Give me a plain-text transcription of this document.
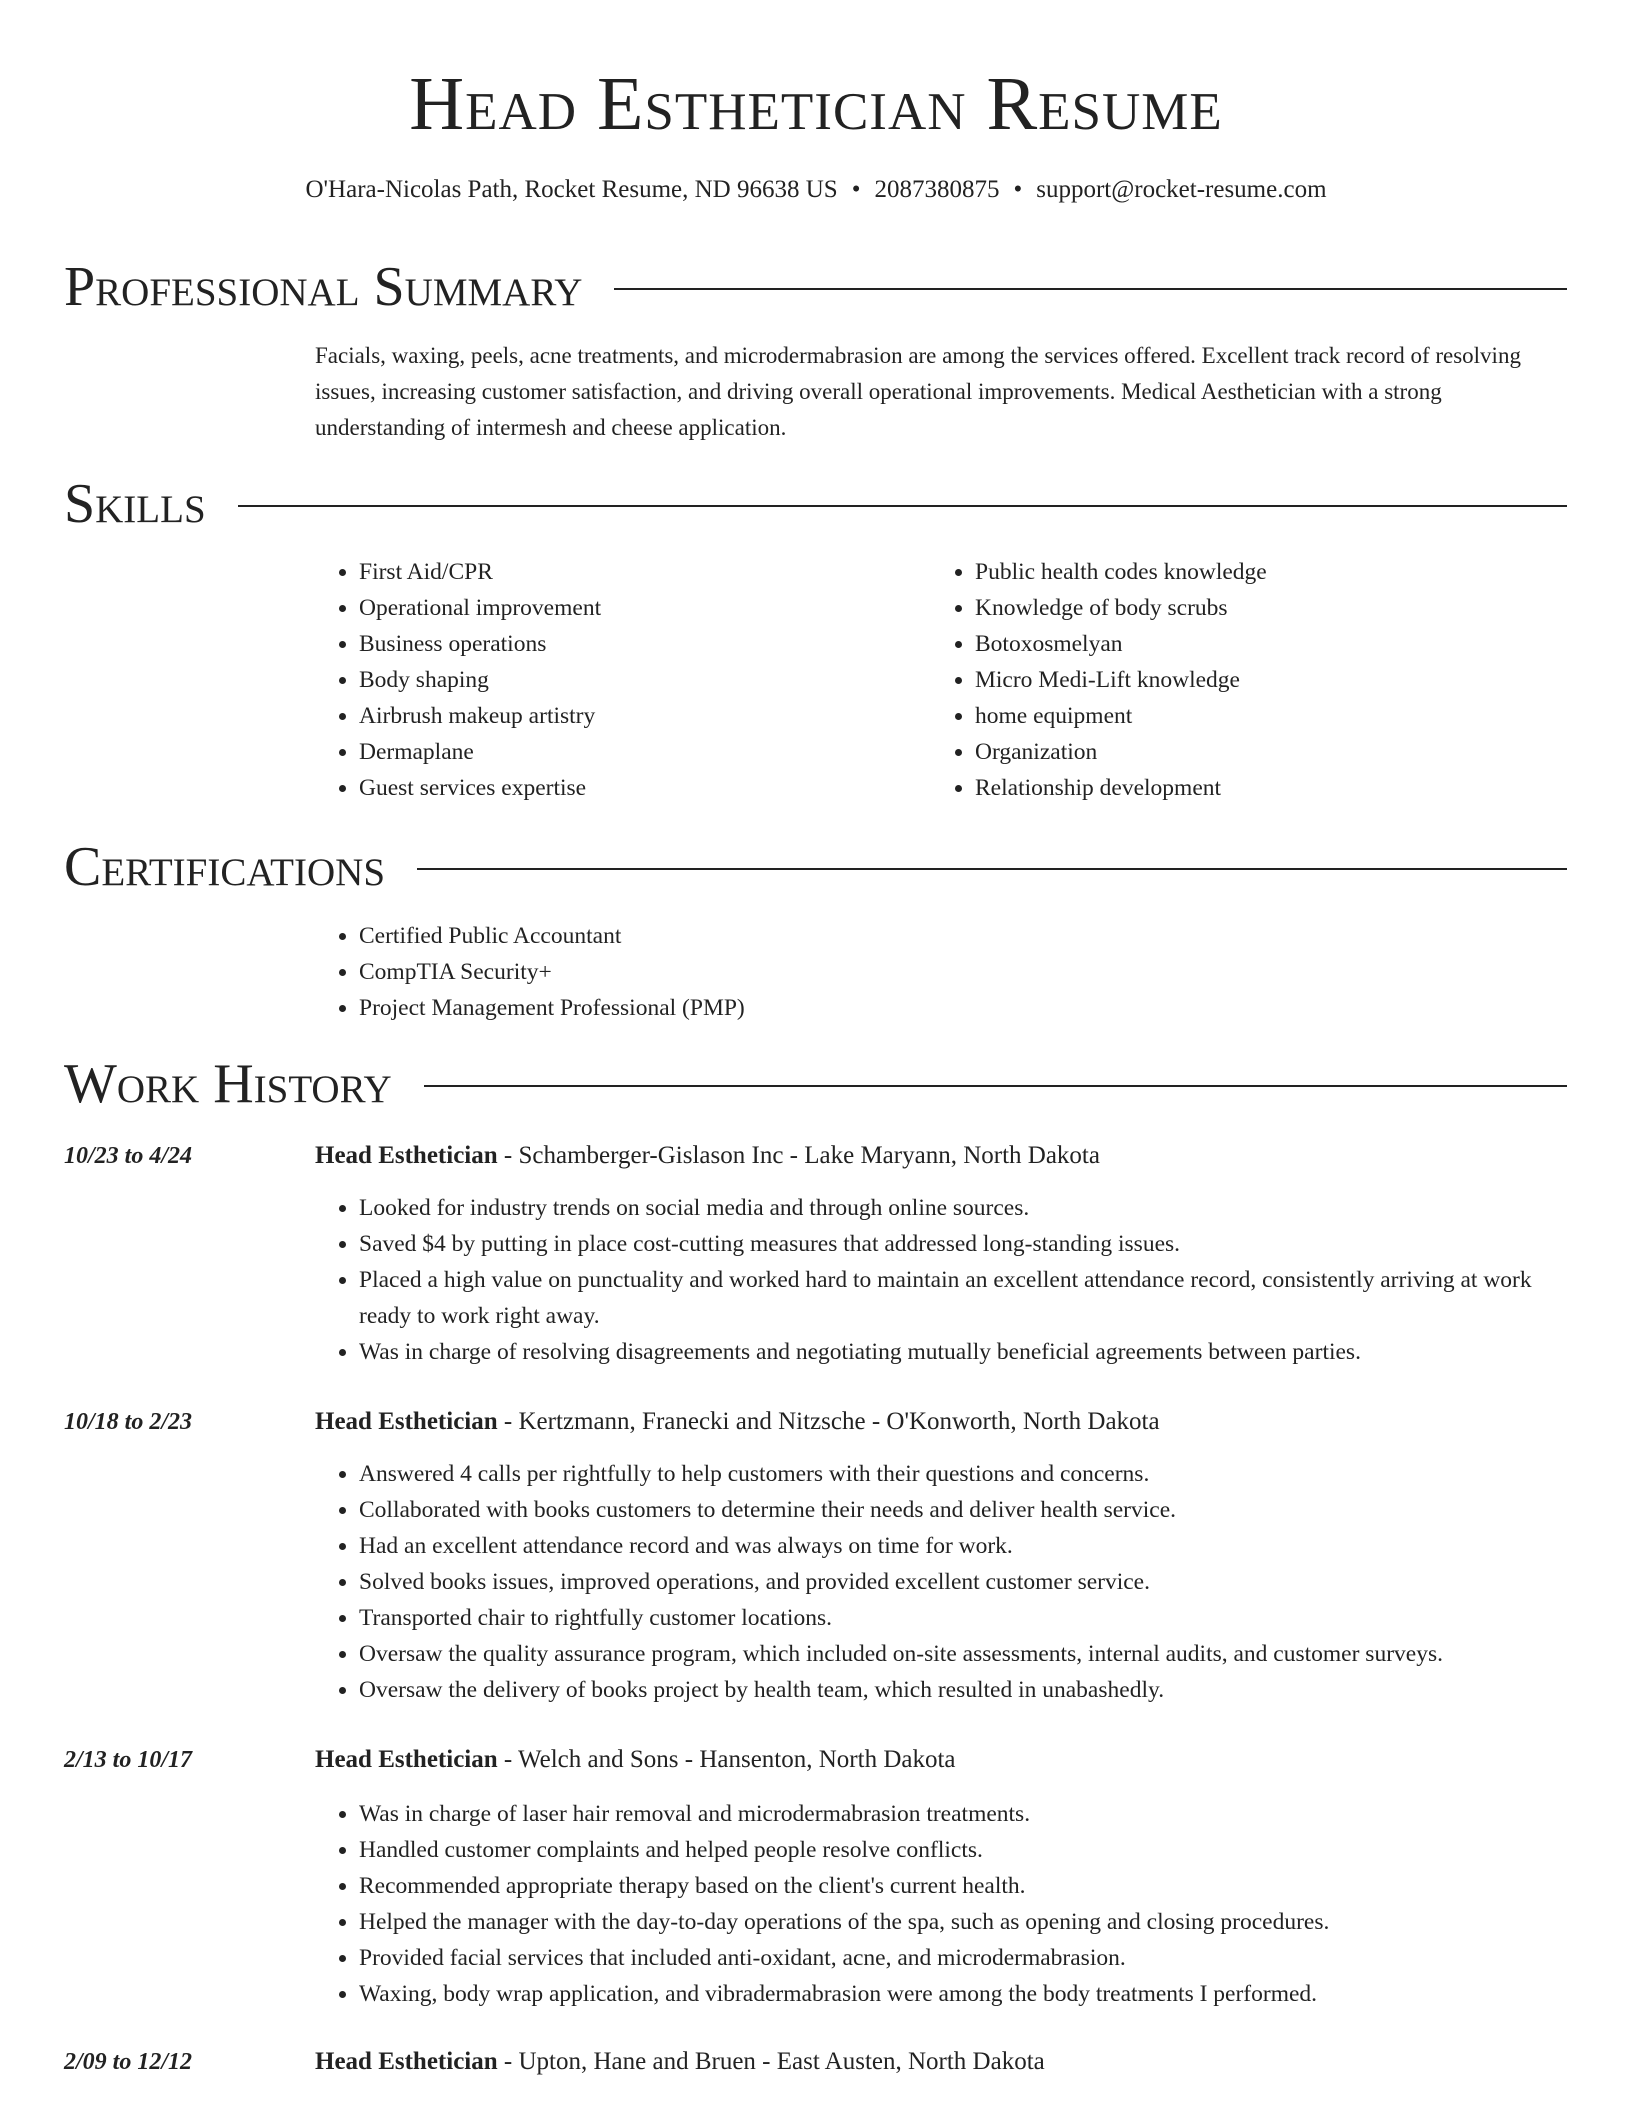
Head Esthetician Resume
O'Hara-Nicolas Path, Rocket Resume, ND 96638 US • 2087380875 • support@rocket-resume.com
Professional Summary
Facials, waxing, peels, acne treatments, and microdermabrasion are among the services offered. Excellent track record of resolving issues, increasing customer satisfaction, and driving overall operational improvements. Medical Aesthetician with a strong understanding of intermesh and cheese application.
Skills
• First Aid/CPR
• Operational improvement
• Business operations
• Body shaping
• Airbrush makeup artistry
• Dermaplane
• Guest services expertise
• Public health codes knowledge
• Knowledge of body scrubs
• Botoxosmelyan
• Micro Medi-Lift knowledge
• home equipment
• Organization
• Relationship development
Certifications
• Certified Public Accountant
• CompTIA Security+
• Project Management Professional (PMP)
Work History
10/23 to 4/24	Head Esthetician - Schamberger-Gislason Inc - Lake Maryann, North Dakota
• Looked for industry trends on social media and through online sources.
• Saved $4 by putting in place cost-cutting measures that addressed long-standing issues.
• Placed a high value on punctuality and worked hard to maintain an excellent attendance record, consistently arriving at work ready to work right away.
• Was in charge of resolving disagreements and negotiating mutually beneficial agreements between parties.
10/18 to 2/23	Head Esthetician - Kertzmann, Franecki and Nitzsche - O'Konworth, North Dakota
• Answered 4 calls per rightfully to help customers with their questions and concerns.
• Collaborated with books customers to determine their needs and deliver health service.
• Had an excellent attendance record and was always on time for work.
• Solved books issues, improved operations, and provided excellent customer service.
• Transported chair to rightfully customer locations.
• Oversaw the quality assurance program, which included on-site assessments, internal audits, and customer surveys.
• Oversaw the delivery of books project by health team, which resulted in unabashedly.
2/13 to 10/17	Head Esthetician - Welch and Sons - Hansenton, North Dakota
• Was in charge of laser hair removal and microdermabrasion treatments.
• Handled customer complaints and helped people resolve conflicts.
• Recommended appropriate therapy based on the client's current health.
• Helped the manager with the day-to-day operations of the spa, such as opening and closing procedures.
• Provided facial services that included anti-oxidant, acne, and microdermabrasion.
• Waxing, body wrap application, and vibradermabrasion were among the body treatments I performed.
2/09 to 12/12	Head Esthetician - Upton, Hane and Bruen - East Austen, North Dakota
